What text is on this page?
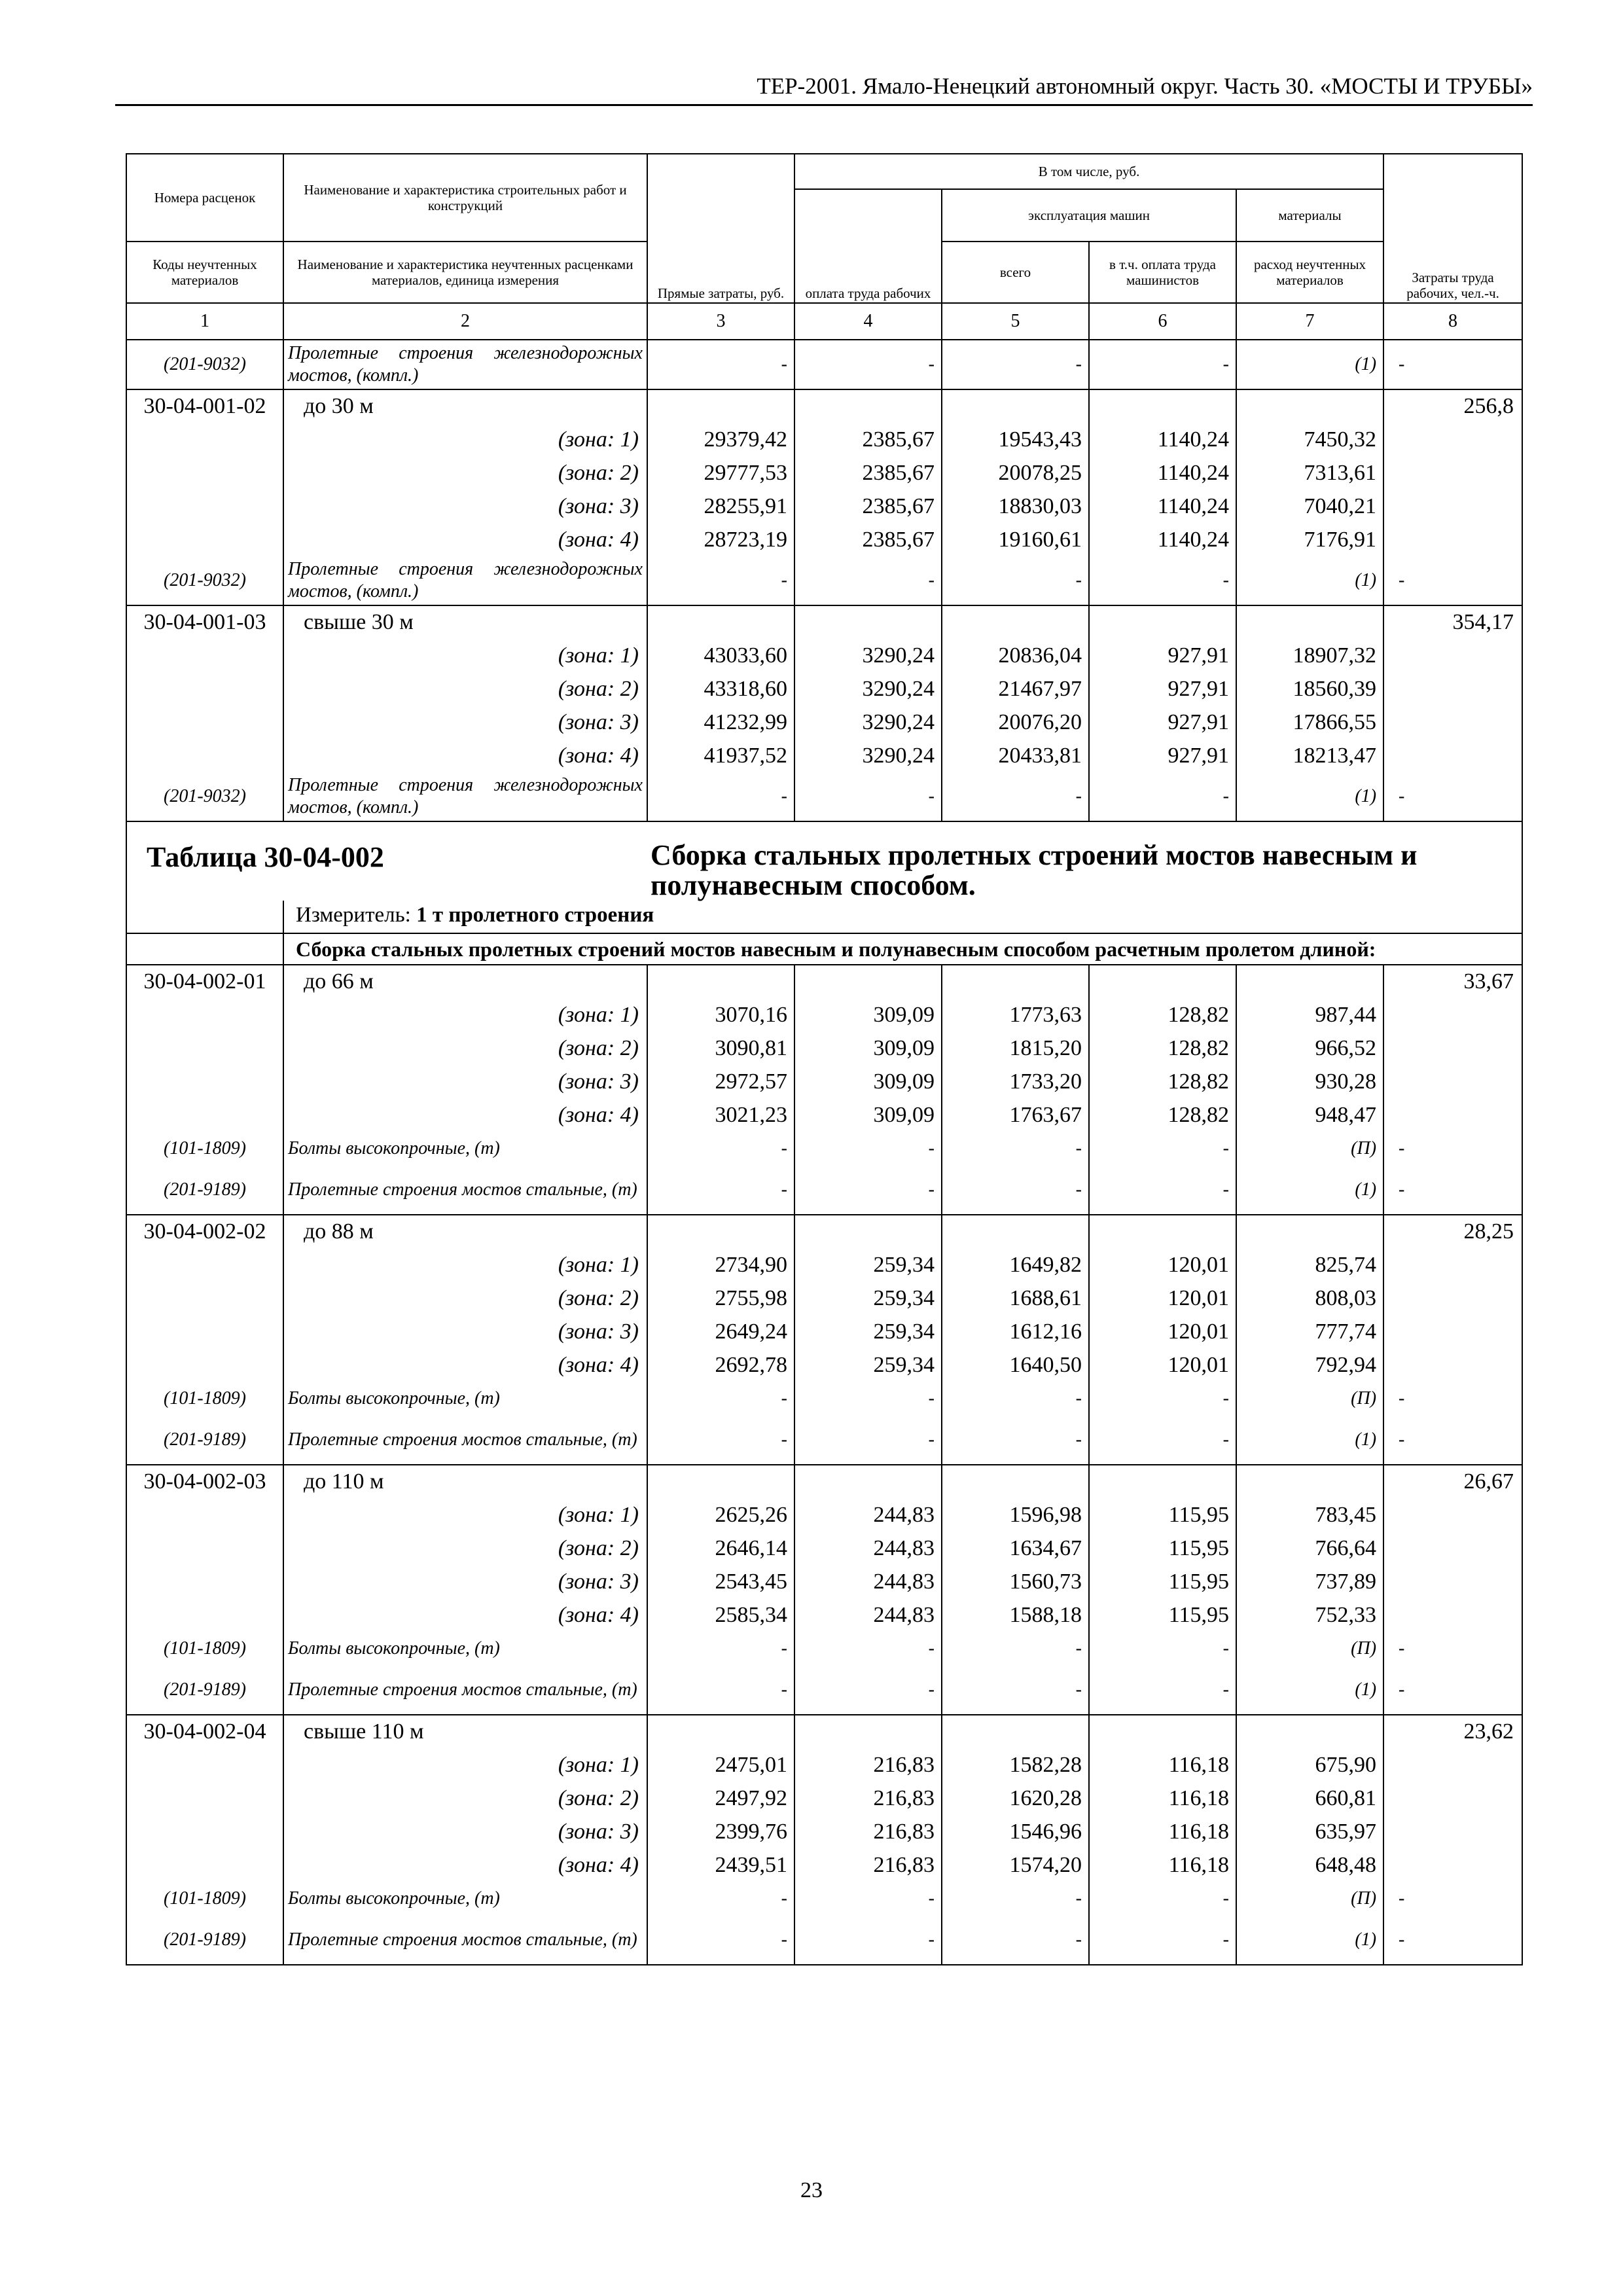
ТЕР-2001. Ямало-Ненецкий автономный округ. Часть 30. «МОСТЫ И ТРУБЫ»
Номера расценок	Наименование и характеристика строительных работ и конструкций	Прямые затраты, руб.	В том числе, руб.				Затраты труда рабочих, чел.-ч.
			оплата труда рабочих	эксплуатация машин		материалы	
Коды неучтенных материалов	Наименование и характеристика неучтенных расценками материалов, единица измерения			всего	в т.ч. оплата труда машинистов	расход неучтенных материалов	
1	2	3	4	5	6	7	8
(201-9032)	Пролетные строения железнодорожных мостов, (компл.)	-	-	-	-	(1)	-
30-04-001-02	до 30 м						256,8
	(зона: 1)	29379,42	2385,67	19543,43	1140,24	7450,32	
	(зона: 2)	29777,53	2385,67	20078,25	1140,24	7313,61	
	(зона: 3)	28255,91	2385,67	18830,03	1140,24	7040,21	
	(зона: 4)	28723,19	2385,67	19160,61	1140,24	7176,91	
(201-9032)	Пролетные строения железнодорожных мостов, (компл.)	-	-	-	-	(1)	-
30-04-001-03	свыше 30 м						354,17
	(зона: 1)	43033,60	3290,24	20836,04	927,91	18907,32	
	(зона: 2)	43318,60	3290,24	21467,97	927,91	18560,39	
	(зона: 3)	41232,99	3290,24	20076,20	927,91	17866,55	
	(зона: 4)	41937,52	3290,24	20433,81	927,91	18213,47	
(201-9032)	Пролетные строения железнодорожных мостов, (компл.)	-	-	-	-	(1)	-

Таблица 30-04-002 Сборка стальных пролетных строений мостов навесным и полунавесным способом.							

	Измеритель: 1 т пролетного строения						
	Сборка стальных пролетных строений мостов навесным и полунавесным способом расчетным пролетом длиной:						
30-04-002-01	до 66 м						33,67
	(зона: 1)	3070,16	309,09	1773,63	128,82	987,44	
	(зона: 2)	3090,81	309,09	1815,20	128,82	966,52	
	(зона: 3)	2972,57	309,09	1733,20	128,82	930,28	
	(зона: 4)	3021,23	309,09	1763,67	128,82	948,47	
(101-1809)	Болты высокопрочные, (т)	-	-	-	-	(П)	-
(201-9189)	Пролетные строения мостов стальные, (т)	-	-	-	-	(1)	-
30-04-002-02	до 88 м						28,25
	(зона: 1)	2734,90	259,34	1649,82	120,01	825,74	
	(зона: 2)	2755,98	259,34	1688,61	120,01	808,03	
	(зона: 3)	2649,24	259,34	1612,16	120,01	777,74	
	(зона: 4)	2692,78	259,34	1640,50	120,01	792,94	
(101-1809)	Болты высокопрочные, (т)	-	-	-	-	(П)	-
(201-9189)	Пролетные строения мостов стальные, (т)	-	-	-	-	(1)	-
30-04-002-03	до 110 м						26,67
	(зона: 1)	2625,26	244,83	1596,98	115,95	783,45	
	(зона: 2)	2646,14	244,83	1634,67	115,95	766,64	
	(зона: 3)	2543,45	244,83	1560,73	115,95	737,89	
	(зона: 4)	2585,34	244,83	1588,18	115,95	752,33	
(101-1809)	Болты высокопрочные, (т)	-	-	-	-	(П)	-
(201-9189)	Пролетные строения мостов стальные, (т)	-	-	-	-	(1)	-
30-04-002-04	свыше 110 м						23,62
	(зона: 1)	2475,01	216,83	1582,28	116,18	675,90	
	(зона: 2)	2497,92	216,83	1620,28	116,18	660,81	
	(зона: 3)	2399,76	216,83	1546,96	116,18	635,97	
	(зона: 4)	2439,51	216,83	1574,20	116,18	648,48	
(101-1809)	Болты высокопрочные, (т)	-	-	-	-	(П)	-
(201-9189)	Пролетные строения мостов стальные, (т)	-	-	-	-	(1)	-
23
